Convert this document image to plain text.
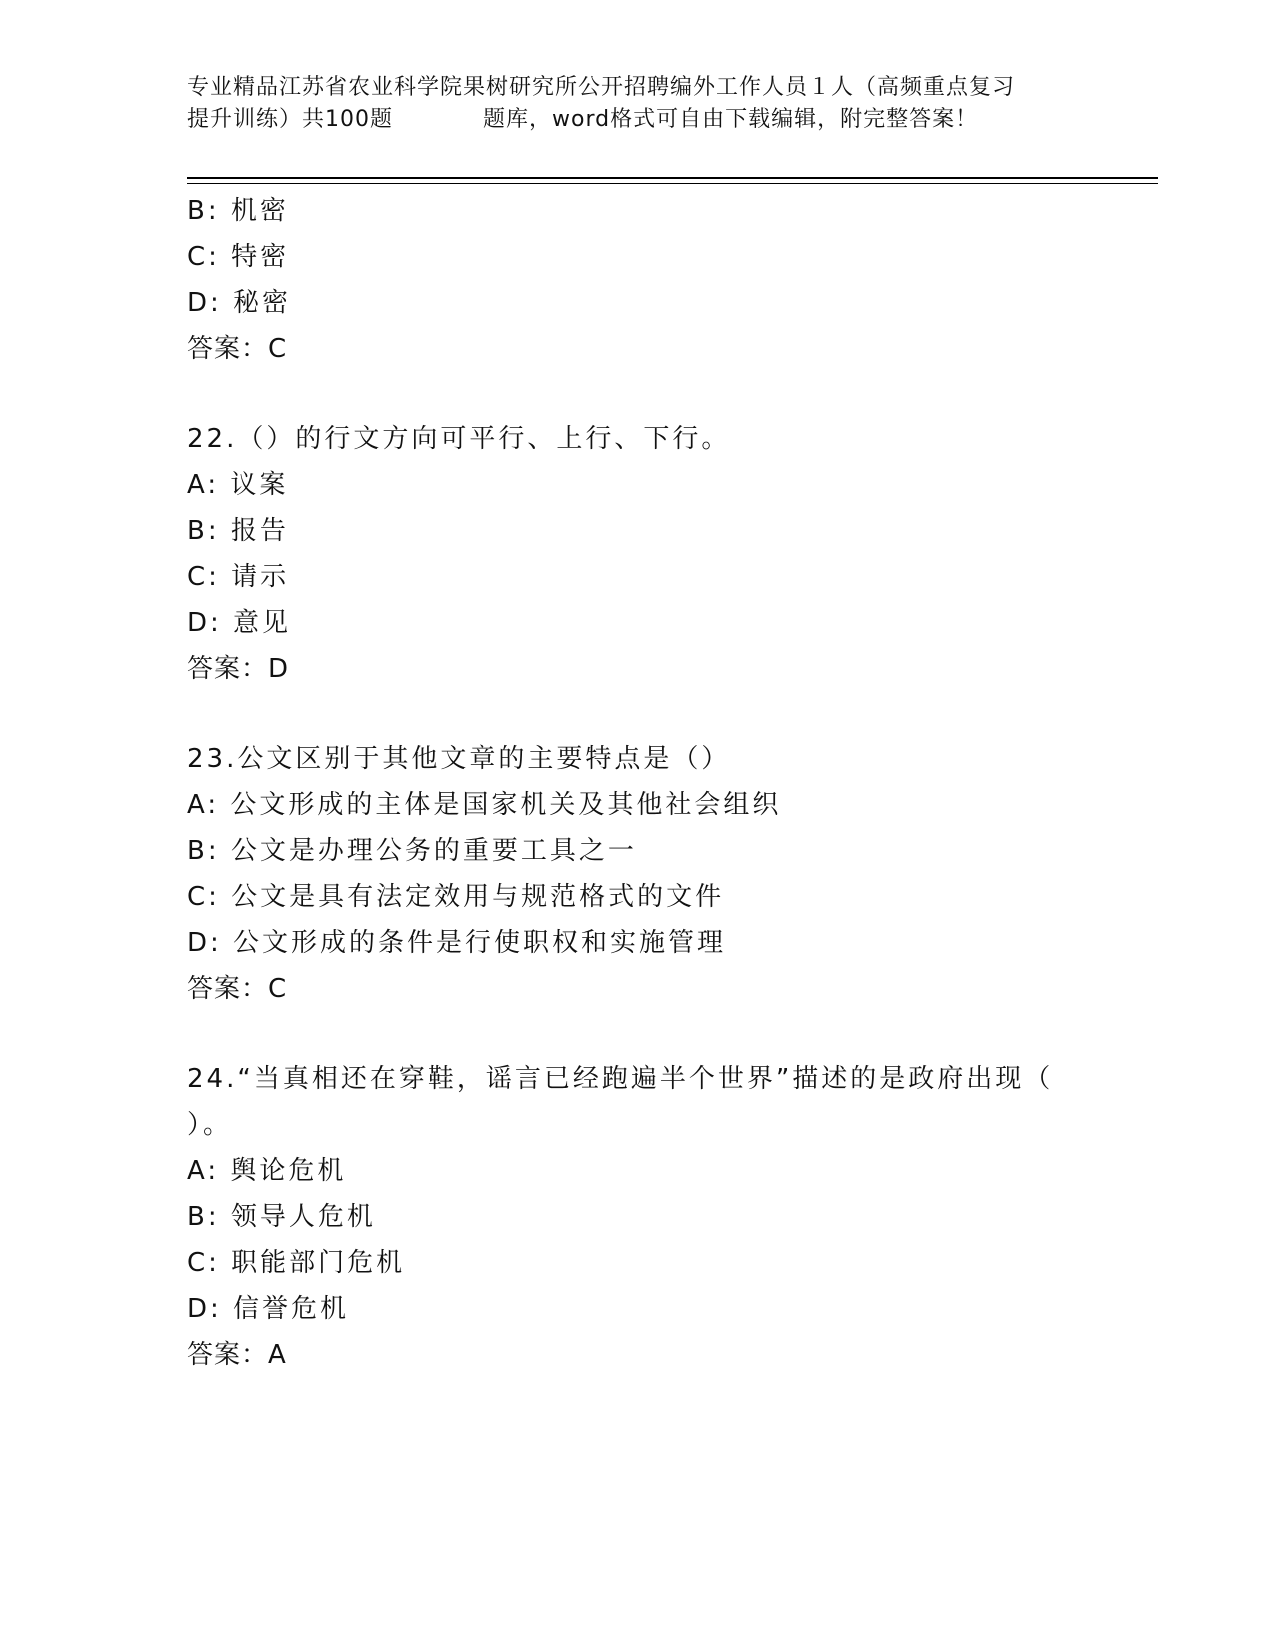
专业精品江苏省农业科学院果树研究所公开招聘编外工作人员１人（高频重点复习
提升训练）共100题	题库，word格式可自由下载编辑，附完整答案！
B: 机密
C: 特密
D: 秘密
答案：C
22.（）的行文方向可平行、上行、下行。
A: 议案
B: 报告
C: 请示
D: 意见
答案：D
23.公文区别于其他文章的主要特点是（）
A: 公文形成的主体是国家机关及其他社会组织
B: 公文是办理公务的重要工具之一
C: 公文是具有法定效用与规范格式的文件
D: 公文形成的条件是行使职权和实施管理
答案：C
24.“当真相还在穿鞋，谣言已经跑遍半个世界”描述的是政府出现（
）。
A: 舆论危机
B: 领导人危机
C: 职能部门危机
D: 信誉危机
答案：A
